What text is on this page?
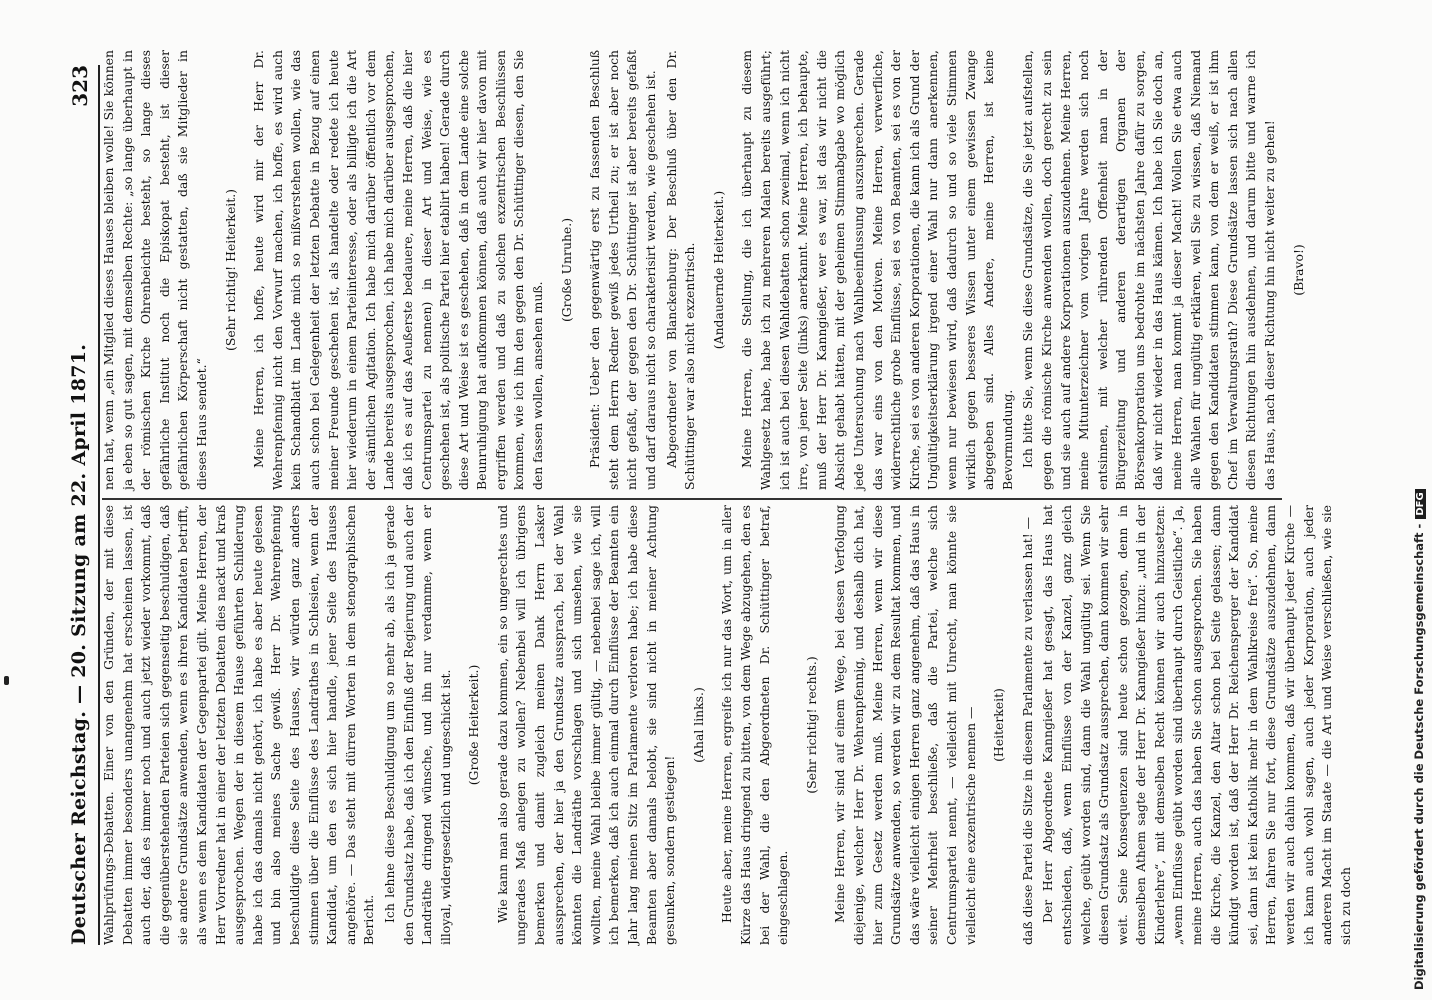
Deutscher Reichstag. — 20. Sitzung am 22. April 1871.
323

Wahlprüfungs-Debatten. Einer von den Gründen, der mit diese Debatten immer besonders unangenehm hat erscheinen lassen, ist auch der, daß es immer noch und auch jetzt wieder vorkommt, daß die gegenüberstehenden Parteien sich gegenseitig beschuldigen, daß sie andere Grundsätze anwenden, wenn es ihren Kandidaten betrifft, als wenn es dem Kandidaten der Gegenpartei gilt. Meine Herren, der Herr Vorredner hat in einer der letzten Debatten dies nackt und kraß ausgesprochen. Wegen der in diesem Hause geführten Schilderung habe ich das damals nicht gehört, ich habe es aber heute gelesen und bin also meines Sache gewiß. Herr Dr. Wehrenpfennig beschuldigte diese Seite des Hauses, wir würden ganz anders stimmen über die Einflüsse des Landrathes in Schlesien, wenn der Kandidat, um den es sich hier handle, jener Seite des Hauses angehöre. — Das steht mit dürren Worten in dem stenographischen Bericht. Ich lehne diese Beschuldigung um so mehr ab, als ich ja gerade den Grundsatz habe, daß ich den Einfluß der Regierung und auch der Landräthe dringend wünsche, und ihn nur verdamme, wenn er illoyal, widergesetzlich und ungeschickt ist. (Große Heiterkeit.) Wie kann man also gerade dazu kommen, ein so ungerechtes und ungerades Maß anlegen zu wollen? Nebenbei will ich übrigens bemerken und damit zugleich meinen Dank Herrn Lasker aussprechen, der hier ja den Grundsatz aussprach, bei der Wahl könnten die Landräthe vorschlagen und sich umsehen, wie sie wollten, meine Wahl bleibe immer gültig, — nebenbei sage ich, will ich bemerken, daß ich auch einmal durch Einflüsse der Beamten ein Jahr lang meinen Sitz im Parlamente verloren habe; ich habe diese Beamten aber damals belobt, sie sind nicht in meiner Achtung gesunken, sondern gestiegen!

(Ahal links.) Heute aber, meine Herren, ergreife ich nur das Wort, um in aller Kürze das Haus dringend zu bitten, von dem Wege abzugehen, den es bei der Wahl, die den Abgeordneten Dr. Schüttinger betraf, eingeschlagen.

(Sehr richtig! rechts.) Meine Herren, wir sind auf einem Wege, bei dessen Verfolgung diejenige, welcher Herr Dr. Wehrenpfennig, und deshalb dich hat, hier zum Gesetz werden muß. Meine Herren, wenn wir diese Grundsätze anwenden, so werden wir zu dem Resultat kommen, und das wäre vielleicht einigen Herren ganz angenehm, daß das Haus in seiner Mehrheit beschließe, daß die Partei, welche sich Centrumspartei nennt, — vielleicht mit Unrecht, man könnte sie vielleicht eine exzentrische nennen — (Heiterkeit) daß diese Partei die Sitze in diesem Parlamente zu verlassen hat! — Der Herr Abgeordnete Kanngießer hat gesagt, das Haus hat entschieden, daß, wenn Einflüsse von der Kanzel, ganz gleich welche, geübt worden sind, dann die Wahl ungültig sei. Wenn Sie diesen Grundsatz als Grundsatz aussprechen, dann kommen wir sehr weit. Seine Konsequenzen sind heute schon gezogen, denn in demselben Athem sagte der Herr Dr. Kanngießer hinzu: „und in der Kinderlehre“, mit demselben Recht können wir auch hinzusetzen: „wenn Einflüsse geübt worden sind überhaupt durch Geistliche“. Ja, meine Herren, auch das haben Sie schon ausgesprochen. Sie haben die Kirche, die Kanzel, den Altar schon bei Seite gelassen; dann kündigt worden ist, daß der Herr Dr. Reichensperger der Kandidat sei, dann ist kein Katholik mehr in dem Wahlkreise frei“. So, meine Herren, fahren Sie nur fort, diese Grundsätze auszudehnen, dann werden wir auch dahin kommen, daß wir überhaupt jeder Kirche — ich kann auch wohl sagen, auch jeder Korporation, auch jeder anderen Macht im Staate — die Art und Weise verschließen, wie sie sich zu doch

nen hat, wenn „ein Mitglied dieses Hauses bleiben wolle! Sie können ja eben so gut sagen, mit demselben Rechte: „so lange überhaupt in der römischen Kirche Ohrenbeichte besteht, so lange dieses gefährliche Institut noch die Episkopat besteht, ist dieser gefährlichen Körperschaft nicht gestatten, daß sie Mitglieder in dieses Haus sendet.“

(Sehr richtig! Heiterkeit.) Meine Herren, ich hoffe, heute wird mir der Herr Dr. Wehrenpfennig nicht den Vorwurf machen, ich hoffe, es wird auch kein Schandblatt im Lande mich so mißverstehen wollen, wie das auch schon bei Gelegenheit der letzten Debatte in Bezug auf einen meiner Freunde geschehen ist, als handelte oder redete ich heute hier wiederum in einem Parteiinteresse, oder als billigte ich die Art der sämtlichen Agitation. Ich habe mich darüber öffentlich vor dem Lande bereits ausgesprochen, ich habe mich darüber ausgesprochen, daß ich es auf das Aeußerste bedauere, meine Herren, daß die hier Centrumspartei zu nennen) in dieser Art und Weise, wie es geschehen ist, als politische Partei hier etablirt haben! Gerade durch diese Art und Weise ist es geschehen, daß in dem Lande eine solche Beunruhigung hat aufkommen können, daß auch wir hier davon mit ergriffen werden und daß zu solchen exzentrischen Beschlüssen kommen, wie ich ihn den gegen den Dr. Schüttinger diesen, den Sie den fassen wollen, ansehen muß.

(Große Unruhe.) Präsident: Ueber den gegenwärtig erst zu fassenden Beschluß steht dem Herrn Redner gewiß jedes Urtheil zu; er ist aber noch nicht gefaßt, der gegen den Dr. Schüttinger ist aber bereits gefaßt und darf daraus nicht so charakterisirt werden, wie geschehen ist. Abgeordneter von Blanckenburg: Der Beschluß über den Dr. Schüttinger war also nicht exzentrisch. (Andauernde Heiterkeit.) Meine Herren, die Stellung, die ich überhaupt zu diesem Wahlgesetz habe, habe ich zu mehreren Malen bereits ausgeführt; ich ist auch bei diesen Wahldebatten schon zweimal, wenn ich nicht irre, von jener Seite (links) anerkannt. Meine Herren, ich behaupte, muß der Herr Dr. Kanngießer, wer es war, ist das wir nicht die Absicht gehabt hätten, mit der geheimen Stimmabgabe wo möglich jede Untersuchung nach Wahlbeeinflussung auszusprechen. Gerade das war eins von den Motiven. Meine Herren, verwerfliche, widerrechtliche grobe Einflüsse, sei es von Beamten, sei es von der Kirche, sei es von anderen Korporationen, die kann ich als Grund der Ungültigkeitserklärung irgend einer Wahl nur dann anerkennen, wenn nur bewiesen wird, daß dadurch so und so viele Stimmen wirklich gegen besseres Wissen unter einem gewissen Zwange abgegeben sind. Alles Andere, meine Herren, ist keine Bevormundung. Ich bitte Sie, wenn Sie diese Grundsätze, die Sie jetzt aufstellen, gegen die römische Kirche anwenden wollen, doch gerecht zu sein und sie auch auf andere Korporationen auszudehnen. Meine Herren, meine Mitunterzeichner vom vorigen Jahre werden sich noch entsinnen, mit welcher rührenden Offenheit man in der Bürgerzeitung und anderen derartigen Organen der Börsenkorporation uns bedrohte im nächsten Jahre dafür zu sorgen, daß wir nicht wieder in das Haus kämen. Ich habe ich Sie doch an, meine Herren, man kommt ja dieser Macht! Wollen Sie etwa auch alle Wahlen für ungültig erklären, weil Sie zu wissen, daß Niemand gegen den Kandidaten stimmen kann, von dem er weiß, er ist ihm Chef im Verwaltungsrath? Diese Grundsätze lassen sich nach allen diesen Richtungen hin ausdehnen, und darum bitte und warne ich das Haus, nach dieser Richtung hin nicht weiter zu gehen! (Bravo!)

Digitalisierung gefördert durch die Deutsche Forschungsgemeinschaft -DFG
